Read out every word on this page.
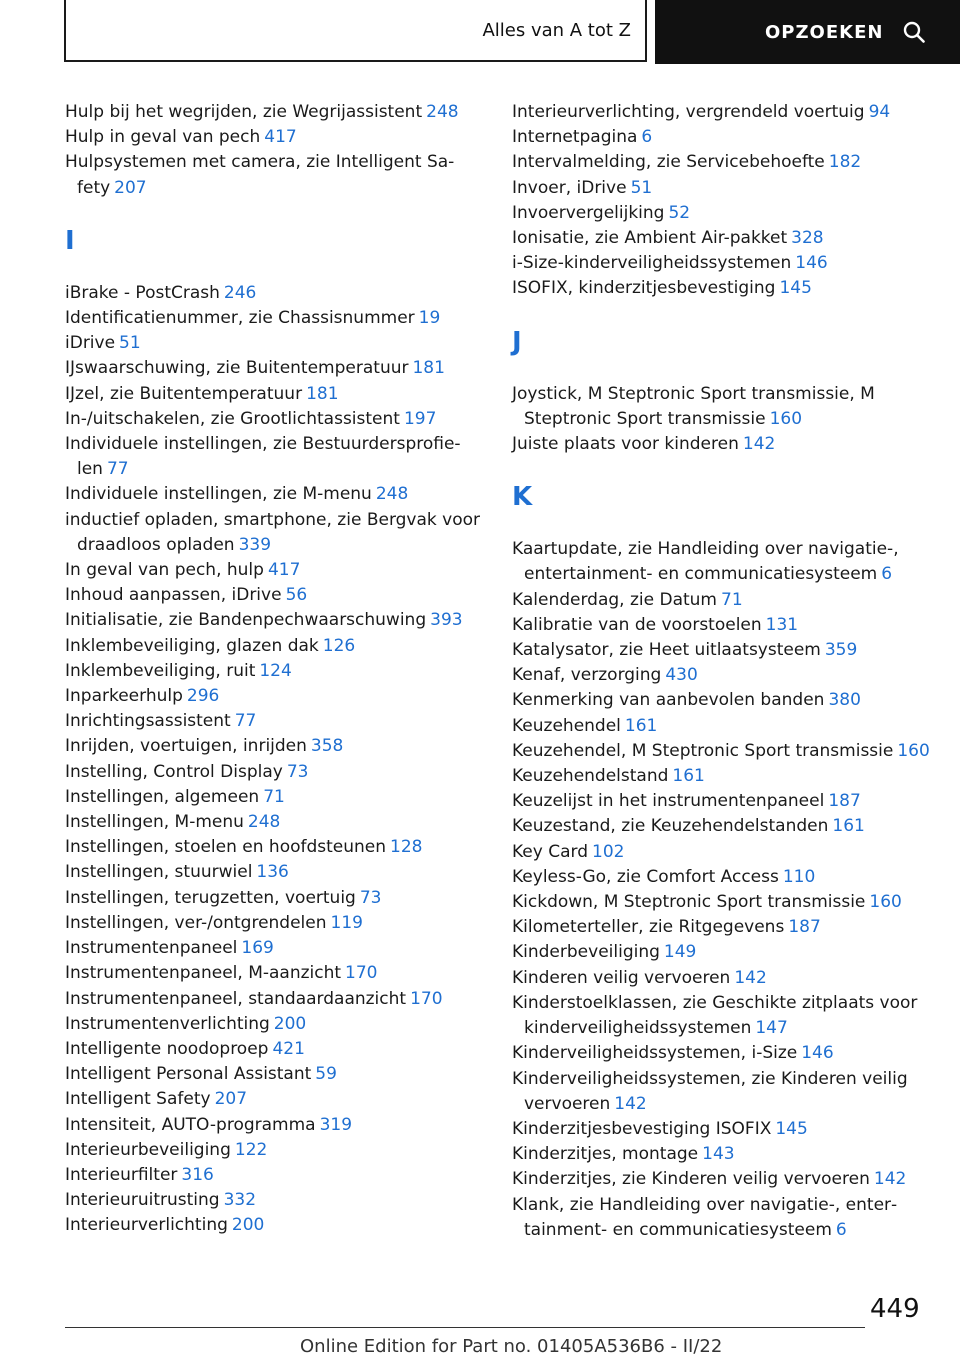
Alles van A tot Z	OPZOEKEN
Hulp bij het wegrijden, zie Wegrijassistent 248
Hulp in geval van pech 417
Hulpsystemen met camera, zie Intelligent Safety 207
I
iBrake - PostCrash 246
Identificatienummer, zie Chassisnummer 19
iDrive 51
IJswaarschuwing, zie Buitentemperatuur 181
IJzel, zie Buitentemperatuur 181
In-/uitschakelen, zie Grootlichtassistent 197
Individuele instellingen, zie Bestuurdersprofielen 77
Individuele instellingen, zie M-menu 248
inductief opladen, smartphone, zie Bergvak voor draadloos opladen 339
In geval van pech, hulp 417
Inhoud aanpassen, iDrive 56
Initialisatie, zie Bandenpechwaarschuwing 393
Inklembeveiliging, glazen dak 126
Inklembeveiliging, ruit 124
Inparkeerhulp 296
Inrichtingsassistent 77
Inrijden, voertuigen, inrijden 358
Instelling, Control Display 73
Instellingen, algemeen 71
Instellingen, M-menu 248
Instellingen, stoelen en hoofdsteunen 128
Instellingen, stuurwiel 136
Instellingen, terugzetten, voertuig 73
Instellingen, ver-/ontgrendelen 119
Instrumentenpaneel 169
Instrumentenpaneel, M-aanzicht 170
Instrumentenpaneel, standaardaanzicht 170
Instrumentenverlichting 200
Intelligente noodoproep 421
Intelligent Personal Assistant 59
Intelligent Safety 207
Intensiteit, AUTO-programma 319
Interieurbeveiliging 122
Interieurfilter 316
Interieuruitrusting 332
Interieurverlichting 200
Interieurverlichting, vergrendeld voertuig 94
Internetpagina 6
Intervalmelding, zie Servicebehoefte 182
Invoer, iDrive 51
Invoervergelijking 52
Ionisatie, zie Ambient Air-pakket 328
i-Size-kinderveiligheidssystemen 146
ISOFIX, kinderzitjesbevestiging 145
J
Joystick, M Steptronic Sport transmissie, M Steptronic Sport transmissie 160
Juiste plaats voor kinderen 142
K
Kaartupdate, zie Handleiding over navigatie-, entertainment- en communicatiesysteem 6
Kalenderdag, zie Datum 71
Kalibratie van de voorstoelen 131
Katalysator, zie Heet uitlaatsysteem 359
Kenaf, verzorging 430
Kenmerking van aanbevolen banden 380
Keuzehendel 161
Keuzehendel, M Steptronic Sport transmissie 160
Keuzehendelstand 161
Keuzelijst in het instrumentenpaneel 187
Keuzestand, zie Keuzehendelstanden 161
Key Card 102
Keyless-Go, zie Comfort Access 110
Kickdown, M Steptronic Sport transmissie 160
Kilometerteller, zie Ritgegevens 187
Kinderbeveiliging 149
Kinderen veilig vervoeren 142
Kinderstoelklassen, zie Geschikte zitplaats voor kinderveiligheidssystemen 147
Kinderveiligheidssystemen, i-Size 146
Kinderveiligheidssystemen, zie Kinderen veilig vervoeren 142
Kinderzitjesbevestiging ISOFIX 145
Kinderzitjes, montage 143
Kinderzitjes, zie Kinderen veilig vervoeren 142
Klank, zie Handleiding over navigatie-, entertainment- en communicatiesysteem 6
449
Online Edition for Part no. 01405A536B6 - II/22
